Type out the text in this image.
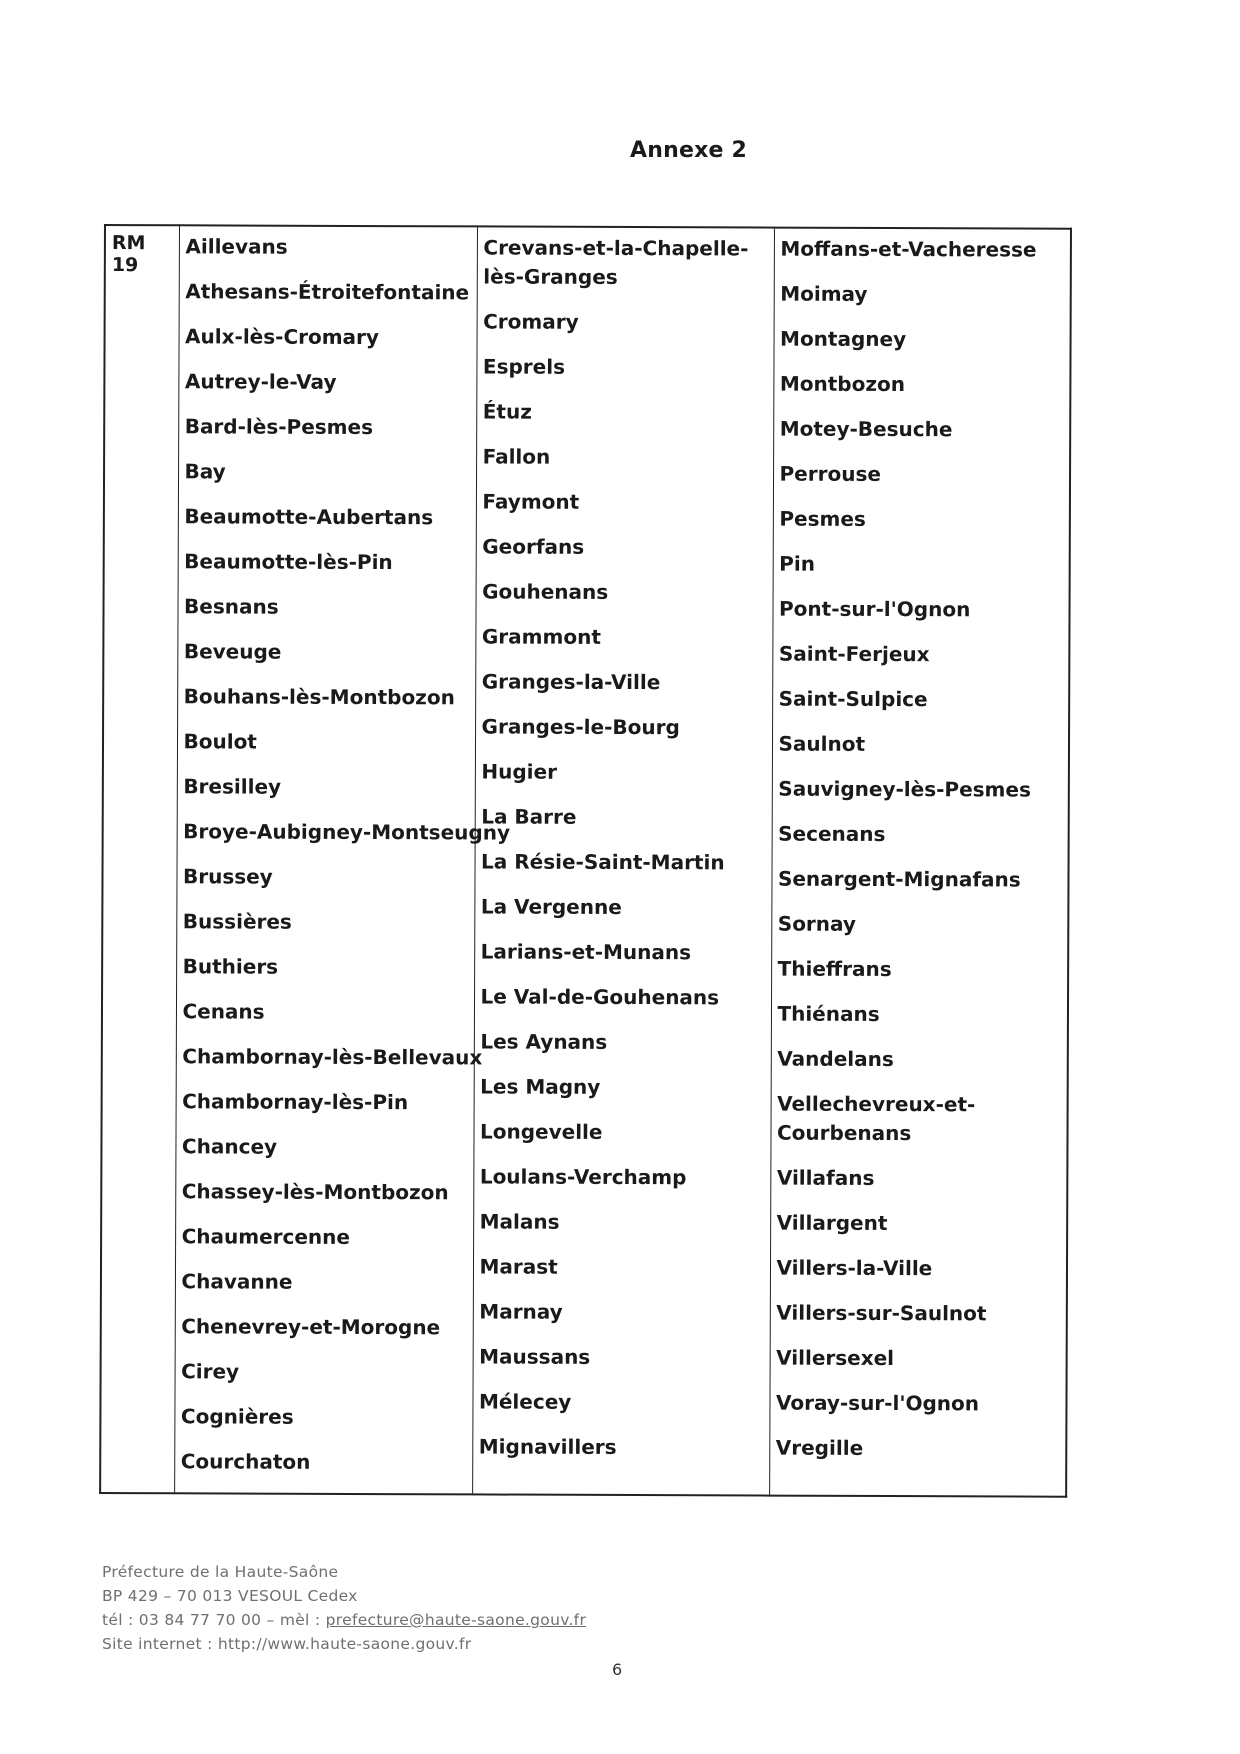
Annexe 2
RM 19

Aillevans
Athesans-Étroitefontaine
Aulx-lès-Cromary
Autrey-le-Vay
Bard-lès-Pesmes
Bay
Beaumotte-Aubertans
Beaumotte-lès-Pin
Besnans
Beveuge
Bouhans-lès-Montbozon
Boulot
Bresilley
Broye-Aubigney-Montseugny
Brussey
Bussières
Buthiers
Cenans
Chambornay-lès-Bellevaux
Chambornay-lès-Pin
Chancey
Chassey-lès-Montbozon
Chaumercenne
Chavanne
Chenevrey-et-Morogne
Cirey
Cognières
Courchaton

Crevans-et-la-Chapelle-lès-Granges
Cromary
Esprels
Étuz
Fallon
Faymont
Georfans
Gouhenans
Grammont
Granges-la-Ville
Granges-le-Bourg
Hugier
La Barre
La Résie-Saint-Martin
La Vergenne
Larians-et-Munans
Le Val-de-Gouhenans
Les Aynans
Les Magny
Longevelle
Loulans-Verchamp
Malans
Marast
Marnay
Maussans
Mélecey
Mignavillers

Moffans-et-Vacheresse
Moimay
Montagney
Montbozon
Motey-Besuche
Perrouse
Pesmes
Pin
Pont-sur-l'Ognon
Saint-Ferjeux
Saint-Sulpice
Saulnot
Sauvigney-lès-Pesmes
Secenans
Senargent-Mignafans
Sornay
Thieffrans
Thiénans
Vandelans
Vellechevreux-et-Courbenans
Villafans
Villargent
Villers-la-Ville
Villers-sur-Saulnot
Villersexel
Voray-sur-l'Ognon
Vregille
Préfecture de la Haute-Saône
BP 429 – 70 013 VESOUL Cedex
tél : 03 84 77 70 00 – mèl : prefecture@haute-saone.gouv.fr
Site internet : http://www.haute-saone.gouv.fr
6
